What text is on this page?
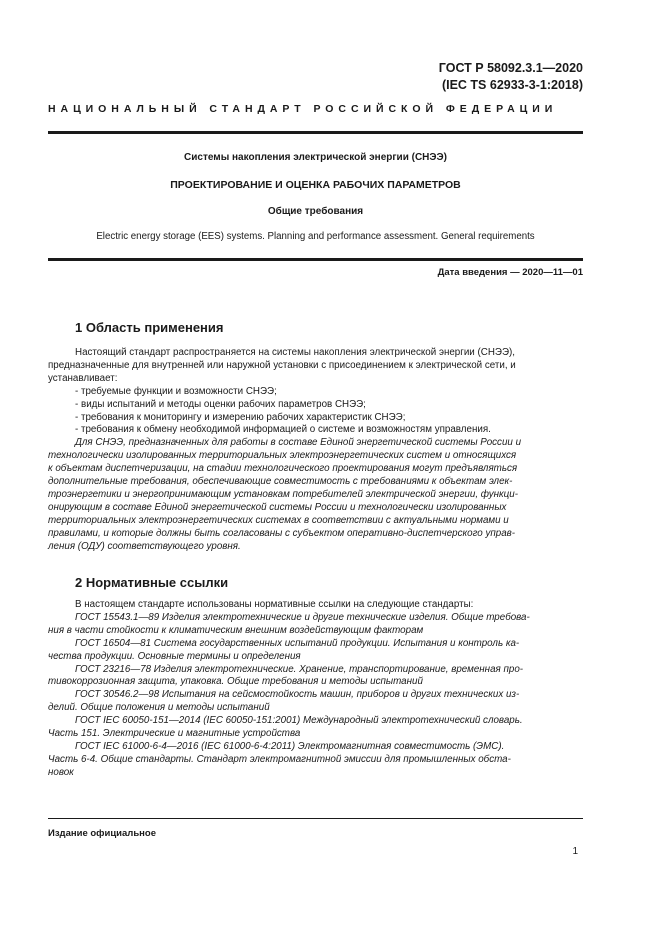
ГОСТ Р 58092.3.1—2020
(IEC TS 62933-3-1:2018)
НАЦИОНАЛЬНЫЙ СТАНДАРТ РОССИЙСКОЙ ФЕДЕРАЦИИ
Системы накопления электрической энергии (СНЭЭ)
ПРОЕКТИРОВАНИЕ И ОЦЕНКА РАБОЧИХ ПАРАМЕТРОВ
Общие требования
Electric energy storage (EES) systems. Planning and performance assessment. General requirements
Дата введения — 2020—11—01
1 Область применения

Настоящий стандарт распространяется на системы накопления электрической энергии (СНЭЭ),

предназначенные для внутренней или наружной установки с присоединением к электрической сети, и

устанавливает:

- требуемые функции и возможности СНЭЭ;
- виды испытаний и методы оценки рабочих параметров СНЭЭ;
- требования к мониторингу и измерению рабочих характеристик СНЭЭ;
- требования к обмену необходимой информацией о системе и возможностям управления.

Для СНЭЭ, предназначенных для работы в составе Единой энергетической системы России и

технологически изолированных территориальных электроэнергетических систем и относящихся

к объектам диспетчеризации, на стадии технологического проектирования могут предъявляться

дополнительные требования, обеспечивающие совместимость с требованиями к объектам элек-

троэнергетики и энергопринимающим установкам потребителей электрической энергии, функци-

онирующим в составе Единой энергетической системы России и технологически изолированных

территориальных электроэнергетических системах в соответствии с актуальными нормами и

правилами, и которые должны быть согласованы с субъектом оперативно-диспетчерского управ-

ления (ОДУ) соответствующего уровня.

2 Нормативные ссылки

В настоящем стандарте использованы нормативные ссылки на следующие стандарты:

ГОСТ 15543.1—89 Изделия электротехнические и другие технические изделия. Общие требова-

ния в части стойкости к климатическим внешним воздействующим факторам

ГОСТ 16504—81 Система государственных испытаний продукции. Испытания и контроль ка-

чества продукции. Основные термины и определения

ГОСТ 23216—78 Изделия электротехнические. Хранение, транспортирование, временная про-

тивокоррозионная защита, упаковка. Общие требования и методы испытаний

ГОСТ 30546.2—98 Испытания на сейсмостойкость машин, приборов и других технических из-

делий. Общие положения и методы испытаний

ГОСТ IEC 60050-151—2014 (IEC 60050-151:2001) Международный электротехнический словарь.

Часть 151. Электрические и магнитные устройства

ГОСТ IEC 61000-6-4—2016 (IEC 61000-6-4:2011) Электромагнитная совместимость (ЭМС).

Часть 6-4. Общие стандарты. Стандарт электромагнитной эмиссии для промышленных обста-

новок

Издание официальное
1
